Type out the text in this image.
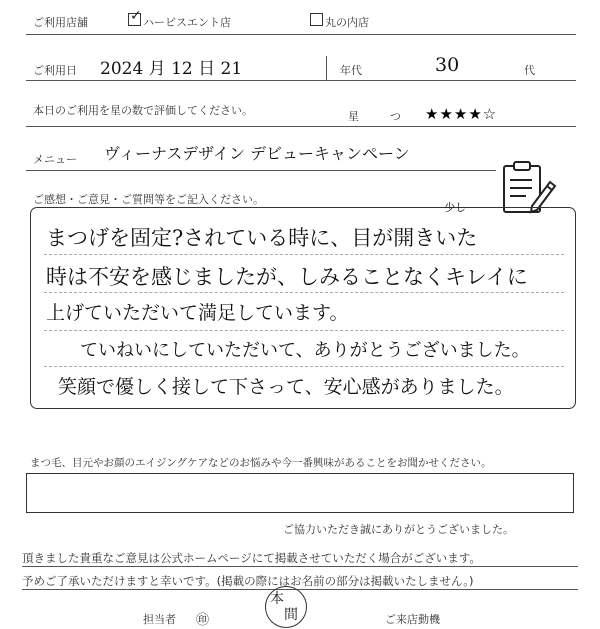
ご利用店舗	✓ ハービスエント店	丸の内店
ご利用日 2024 月 12 日 21	年代	30	代
本日のご利用を星の数で評価してください。	星	つ ★★★★☆
メニュー ヴィーナスデザイン デビューキャンペーン
ご感想・ご意見・ご質問等をご記入ください。
少し
まつげを固定?されている時に、目が開きいた
時は不安を感じましたが、しみることなくキレイに
上げていただいて満足しています。
ていねいにしていただいて、ありがとうございました。
笑顔で優しく接して下さって、安心感がありました。
まつ毛、目元やお顔のエイジングケアなどのお悩みや今一番興味があることをお聞かせください。
ご協力いただき誠にありがとうございました。
頂きました貴重なご意見は公式ホームページにて掲載させていただく場合がございます。
予めご了承いただけますと幸いです。(掲載の際にはお名前の部分は掲載いたしません。)
担当者 ㊞
本
間	ご来店動機
